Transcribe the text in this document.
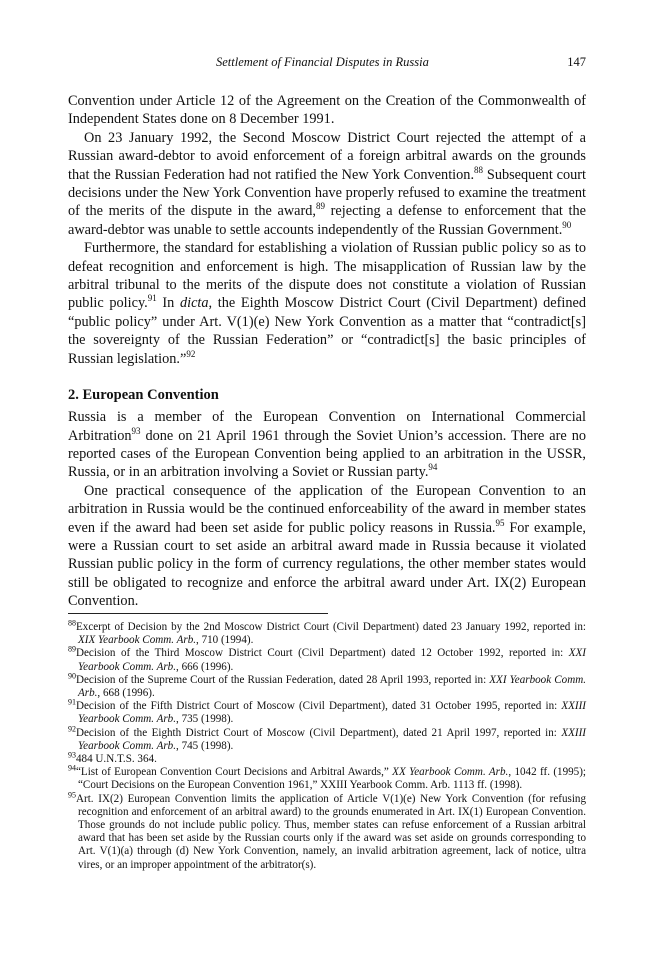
Settlement of Financial Disputes in Russia	147

Convention under Article 12 of the Agreement on the Creation of the Commonwealth of Independent States done on 8 December 1991.

On 23 January 1992, the Second Moscow District Court rejected the attempt of a Russian award-debtor to avoid enforcement of a foreign arbitral awards on the grounds that the Russian Federation had not ratified the New York Convention.$^{88}$ Subsequent court decisions under the New York Convention have properly refused to examine the treatment of the merits of the dispute in the award,$^{89}$ rejecting a defense to enforcement that the award-debtor was unable to settle accounts independently of the Russian Government.$^{90}$

Furthermore, the standard for establishing a violation of Russian public policy so as to defeat recognition and enforcement is high. The misapplication of Russian law by the arbitral tribunal to the merits of the dispute does not constitute a violation of Russian public policy.$^{91}$ In dicta, the Eighth Moscow District Court (Civil Department) defined “public policy” under Art. V(1)(e) New York Convention as a matter that “contradict[s] the sovereignty of the Russian Federation” or “contradict[s] the basic principles of Russian legislation.”$^{92}$

2. European Convention

Russia is a member of the European Convention on International Commercial Arbitration$^{93}$ done on 21 April 1961 through the Soviet Union’s accession. There are no reported cases of the European Convention being applied to an arbitration in the USSR, Russia, or in an arbitration involving a Soviet or Russian party.$^{94}$

One practical consequence of the application of the European Convention to an arbitration in Russia would be the continued enforceability of the award in member states even if the award had been set aside for public policy reasons in Russia.$^{95}$ For example, were a Russian court to set aside an arbitral award made in Russia because it violated Russian public policy in the form of currency regulations, the other member states would still be obligated to recognize and enforce the arbitral award under Art. IX(2) European Convention.

$^{88}$Excerpt of Decision by the 2nd Moscow District Court (Civil Department) dated 23 January 1992, reported in: XIX Yearbook Comm. Arb., 710 (1994).

$^{89}$Decision of the Third Moscow District Court (Civil Department) dated 12 October 1992, reported in: XXI Yearbook Comm. Arb., 666 (1996).

$^{90}$Decision of the Supreme Court of the Russian Federation, dated 28 April 1993, reported in: XXI Yearbook Comm. Arb., 668 (1996).

$^{91}$Decision of the Fifth District Court of Moscow (Civil Department), dated 31 October 1995, reported in: XXIII Yearbook Comm. Arb., 735 (1998).

$^{92}$Decision of the Eighth District Court of Moscow (Civil Department), dated 21 April 1997, reported in: XXIII Yearbook Comm. Arb., 745 (1998).

$^{93}$484 U.N.T.S. 364.

$^{94}$“List of European Convention Court Decisions and Arbitral Awards,” XX Yearbook Comm. Arb., 1042 ff. (1995); “Court Decisions on the European Convention 1961,” XXIII Yearbook Comm. Arb. 1113 ff. (1998).

$^{95}$Art. IX(2) European Convention limits the application of Article V(1)(e) New York Convention (for refusing recognition and enforcement of an arbitral award) to the grounds enumerated in Art. IX(1) European Convention. Those grounds do not include public policy. Thus, member states can refuse enforcement of a Russian arbitral award that has been set aside by the Russian courts only if the award was set aside on grounds corresponding to Art. V(1)(a) through (d) New York Convention, namely, an invalid arbitration agreement, lack of notice, ultra vires, or an improper appointment of the arbitrator(s).
